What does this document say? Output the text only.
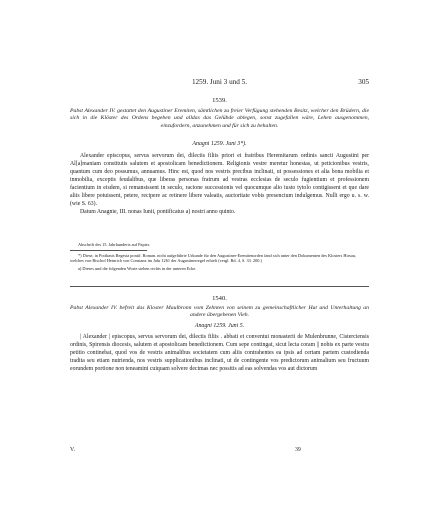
1259. Juni 3 und 5.	305
1539.
Pabst Alexander IV. gestattet den Augustiner Eremiten, sämtlichen zu freier Verfügung stehenden Besitz, welcher den Brüdern, die sich in die Klöster des Ordens begeben und alldas das Gelübde ablegen, sonst zugefallen wäre, Lehen ausgenommen, einzufordern, anzunehmen und für sich zu behalten.
Anagni 1259. Juni 3*).

Alexander episcopus, servus servorum dei, dilectis filiis priori et fratribus Heremitarum ordinis sancti Augustini per Al[a]maniam constitutis salutem et apostolicam benedictionem. Religionis vestre meretur honestas, ut peticionibus vestris, quantum cum deo possumus, annuamus. Hinc est, quod nos vestris precibus inclinati, ut possessiones et alia bona mobilia et inmobilia, exceptis feudalibus, que liberas personas fratrum ad vestras ecclesias de seculo fugientium et professionem facientium in eisdem, si remansissent in seculo, racione successionis vel quocumque alio iusto tytolo contigissent et que dare aliis libere potuissent, petere, recipere ac retinere libere valeatis, auctoritate vobis presencium indulgemus. Nulli ergo u. s. w. (wie S. 63).

Datum Anagnie, III. nonas Iunii, pontificatus a) nostri anno quinto.

Abschrift des 15. Jahrhunderts auf Papier.

*) Diese, in Potthasts Regesta pontif. Roman. nicht aufgeführte Urkunde für den Augustiner-Eremitenorden fand sich unter den Dokumenten des Klosters Hirsau, welches von Bischof Heinrich von Constanz im Jahr 1261 der Augustinerregel erhielt (vergl. Bd. 4, S. 33. 200.)

a) Dieses und die folgenden Worte stehen rechts in der unteren Ecke.

1540.
Pabst Alexander IV. befreit das Kloster Maulbronn vom Zehnten von seinem zu gemeinschaftlicher Hut und Unterhaltung an andere übergebenen Vieh.
Anagni 1259. Juni 5.

| Alexander | episcopus, servus servorum dei, dilectis filiis . abbati et conventui monasterii de Mulenbrunne, Cisterciensis ordinis, Spirensis diocesis, salutem et apostolicam benedictionem. Cum sepe contingat, sicut lecta coram || nobis ex parte vestra petitio continebat, quod vos de vestris animalibus societatem cum aliis contrahentes ea ipsis ad certam partem custodienda tradita seu etiam nutrienda, nos vestris supplicationibus inclinati, ut de contingente vos predictorum animalium seu fructuum eorundem portione non teneamini cuiquam solvere decimas nec possitis ad eas solvendas vos aut dictorum

V.	39
